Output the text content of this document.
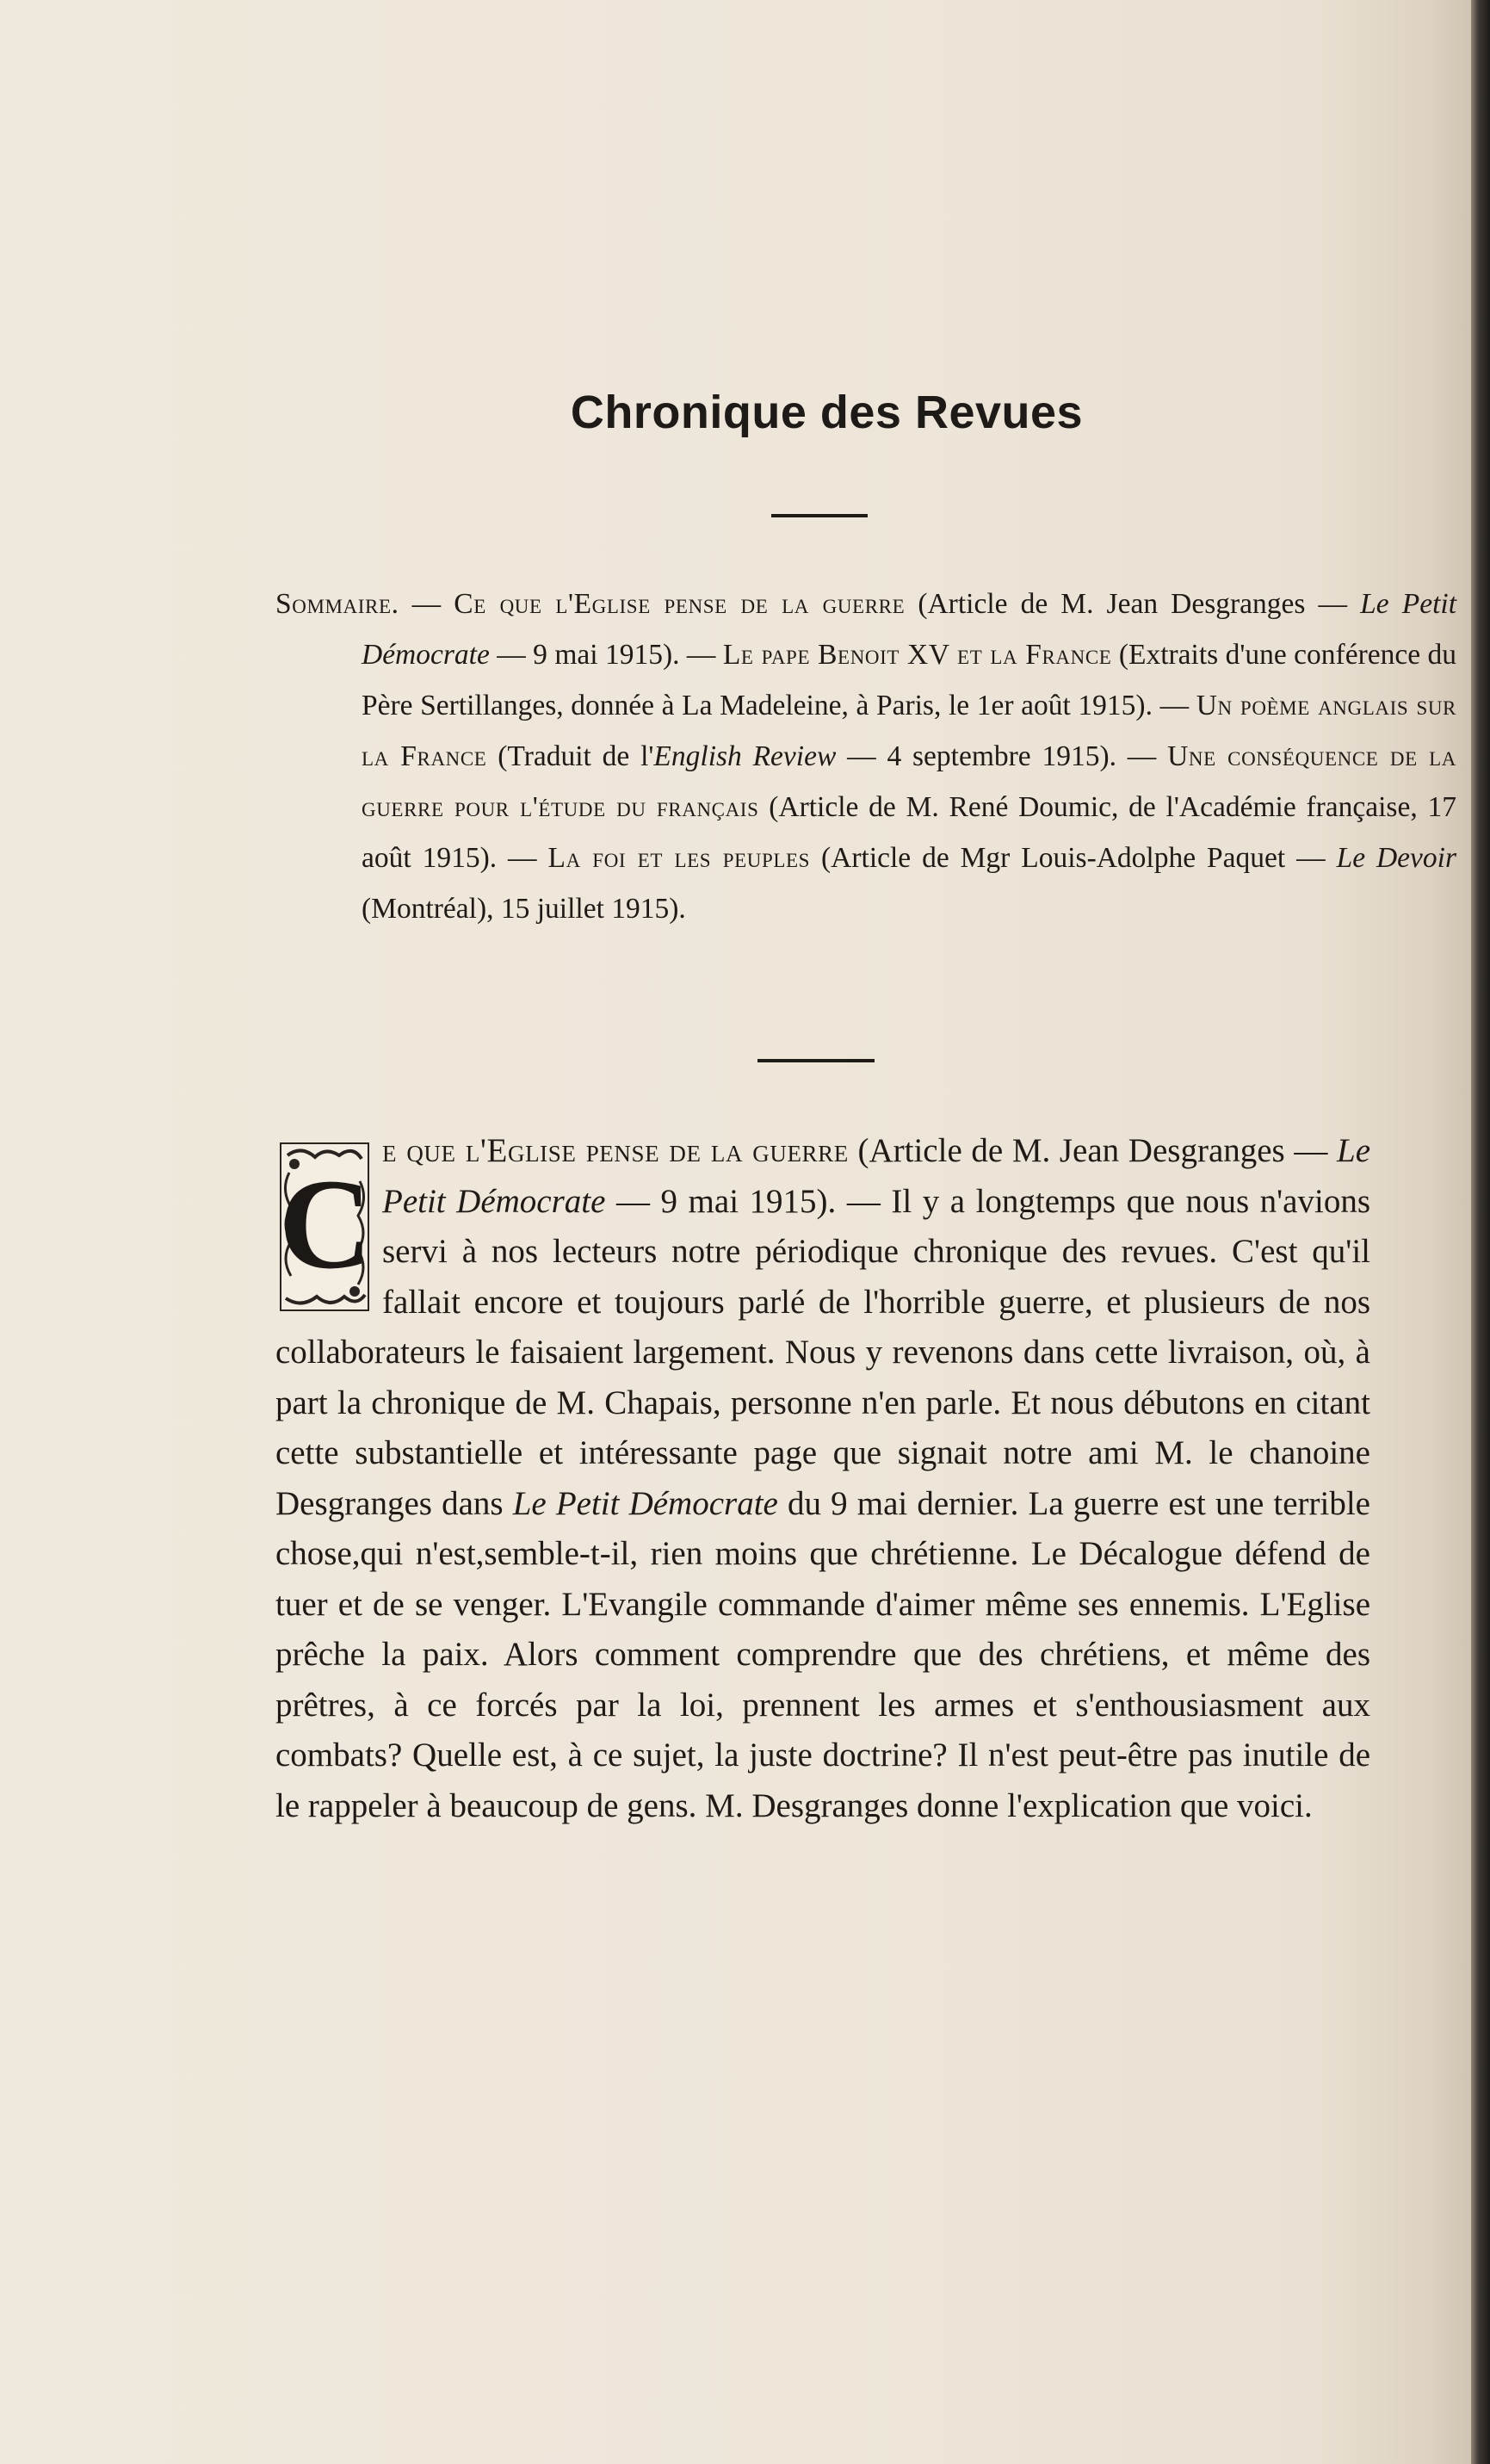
Chronique des Revues
Sommaire. — Ce que l'Eglise pense de la guerre (Article de M. Jean Desgranges — Le Petit Démocrate — 9 mai 1915). — Le pape Benoit XV et la France (Extraits d'une conférence du Père Sertillanges, donnée à La Madeleine, à Paris, le 1er août 1915). — Un poème anglais sur la France (Traduit de l'English Review — 4 septembre 1915). — Une conséquence de la guerre pour l'étude du français (Article de M. René Doumic, de l'Académie française, 17 août 1915). — La foi et les peuples (Article de Mgr Louis-Adolphe Paquet — Le Devoir (Montréal), 15 juillet 1915).
C
e que l'Eglise pense de la guerre (Article de M. Jean Desgranges — Le Petit Démocrate — 9 mai 1915). — Il y a longtemps que nous n'avions servi à nos lecteurs notre périodique chronique des revues. C'est qu'il fallait encore et toujours parlé de l'horrible guerre, et plusieurs de nos collaborateurs le faisaient largement. Nous y revenons dans cette livraison, où, à part la chronique de M. Chapais, personne n'en parle. Et nous débutons en citant cette substantielle et intéressante page que signait notre ami M. le chanoine Desgranges dans Le Petit Démocrate du 9 mai dernier. La guerre est une terrible chose,qui n'est,semble-t-il, rien moins que chrétienne. Le Décalogue défend de tuer et de se venger. L'Evangile commande d'aimer même ses ennemis. L'Eglise prêche la paix. Alors comment comprendre que des chrétiens, et même des prêtres, à ce forcés par la loi, prennent les armes et s'enthousiasment aux combats? Quelle est, à ce sujet, la juste doctrine? Il n'est peut-être pas inutile de le rappeler à beaucoup de gens. M. Desgranges donne l'explication que voici.
